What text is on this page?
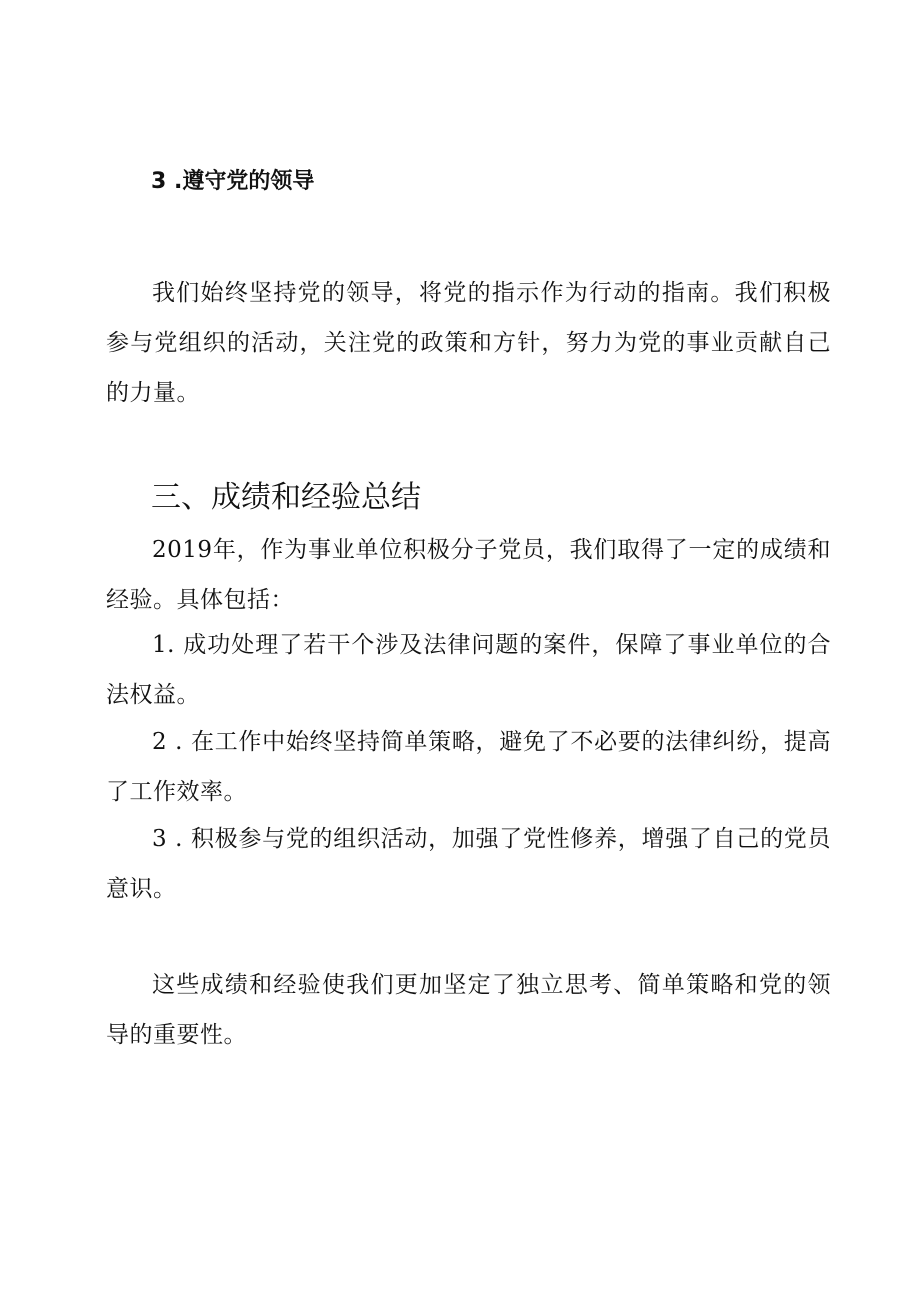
3 .遵守党的领导

我们始终坚持党的领导，将党的指示作为行动的指南。我们积极参与党组织的活动，关注党的政策和方针，努力为党的事业贡献自己的力量。

三、成绩和经验总结

2019年，作为事业单位积极分子党员，我们取得了一定的成绩和经验。具体包括：

1. 成功处理了若干个涉及法律问题的案件，保障了事业单位的合法权益。

2 . 在工作中始终坚持简单策略，避免了不必要的法律纠纷，提高了工作效率。

3 . 积极参与党的组织活动，加强了党性修养，增强了自己的党员意识。

这些成绩和经验使我们更加坚定了独立思考、简单策略和党的领导的重要性。
